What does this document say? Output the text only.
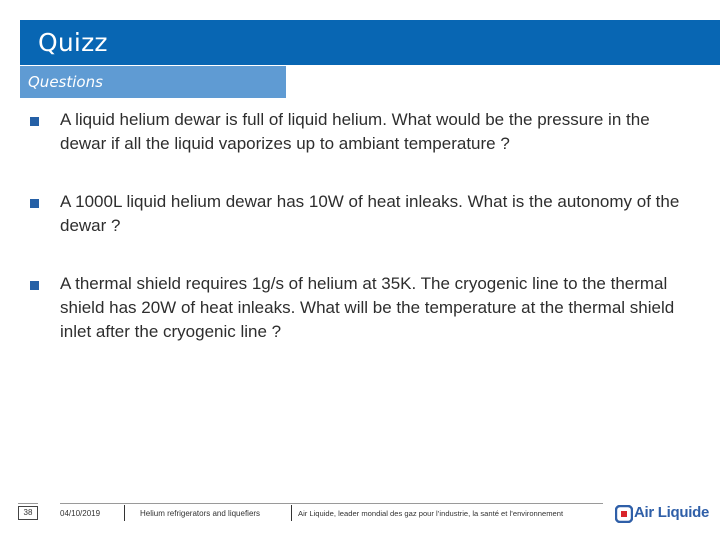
Quizz
Questions
A liquid helium dewar is full of liquid helium. What would be the pressure in the dewar if all the liquid vaporizes up to ambiant temperature ?
A 1000L liquid helium dewar has 10W of heat inleaks. What is the autonomy of the dewar ?
A thermal shield requires 1g/s of helium at 35K. The cryogenic line to the thermal shield has 20W of heat inleaks. What will be the temperature at the thermal shield inlet after the cryogenic line ?
38	04/10/2019	Helium refrigerators and liquefiers	Air Liquide, leader mondial des gaz pour l’industrie, la santé et l’environnement	Air Liquide
